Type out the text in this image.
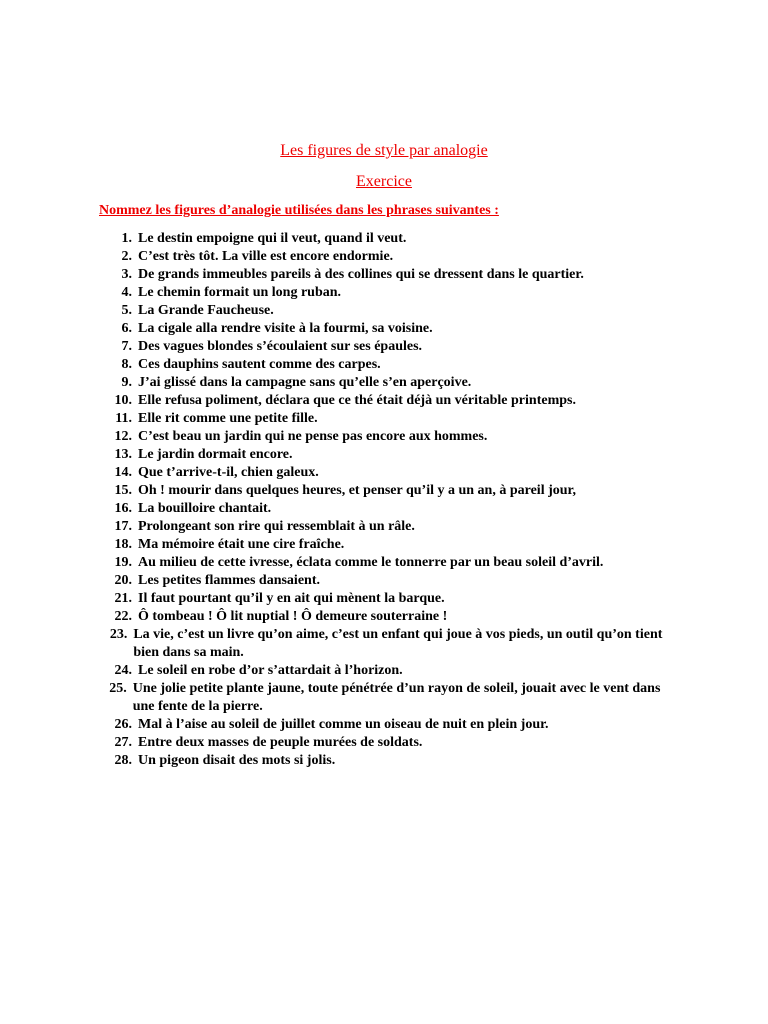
Les figures de style par analogie
Exercice

Nommez les figures d’analogie utilisées dans les phrases suivantes :

1. Le destin empoigne qui il veut, quand il veut.
2. C’est très tôt. La ville est encore endormie.
3. De grands immeubles pareils à des collines qui se dressent dans le quartier.
4. Le chemin formait un long ruban.
5. La Grande Faucheuse.
6. La cigale alla rendre visite à la fourmi, sa voisine.
7. Des vagues blondes s’écoulaient sur ses épaules.
8. Ces dauphins sautent comme des carpes.
9. J’ai glissé dans la campagne sans qu’elle s’en aperçoive.
10. Elle refusa poliment, déclara que ce thé était déjà un véritable printemps.
11. Elle rit comme une petite fille.
12. C’est beau un jardin qui ne pense pas encore aux hommes.
13. Le jardin dormait encore.
14. Que t’arrive-t-il, chien galeux.
15. Oh ! mourir dans quelques heures, et penser qu’il y a un an, à pareil jour,
16. La bouilloire chantait.
17. Prolongeant son rire qui ressemblait à un râle.
18. Ma mémoire était une cire fraîche.
19. Au milieu de cette ivresse, éclata comme le tonnerre par un beau soleil d’avril.
20. Les petites flammes dansaient.
21. Il faut pourtant qu’il y en ait qui mènent la barque.
22. Ô tombeau ! Ô lit nuptial ! Ô demeure souterraine !
23. La vie, c’est un livre qu’on aime, c’est un enfant qui joue à vos pieds, un outil qu’on tient bien dans sa main.
24. Le soleil en robe d’or s’attardait à l’horizon.
25. Une jolie petite plante jaune, toute pénétrée d’un rayon de soleil, jouait avec le vent dans une fente de la pierre.
26. Mal à l’aise au soleil de juillet comme un oiseau de nuit en plein jour.
27. Entre deux masses de peuple murées de soldats.
28. Un pigeon disait des mots si jolis.
